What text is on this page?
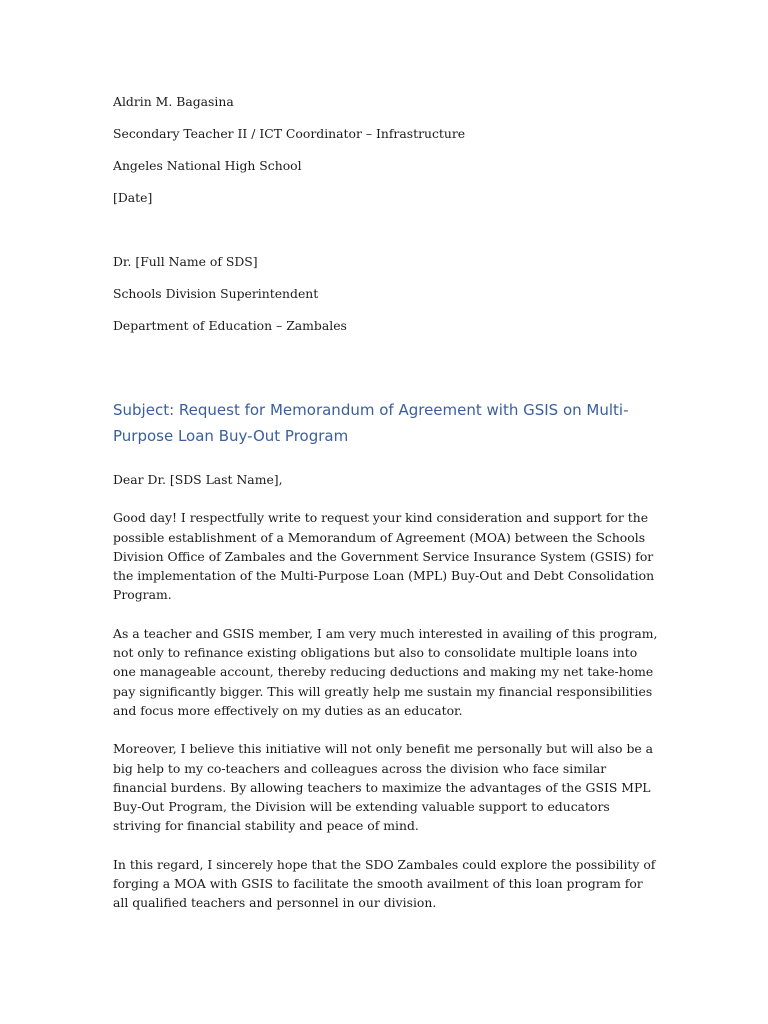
Aldrin M. Bagasina

Secondary Teacher II / ICT Coordinator – Infrastructure

Angeles National High School

[Date]

Dr. [Full Name of SDS]

Schools Division Superintendent

Department of Education – Zambales

Subject: Request for Memorandum of Agreement with GSIS on Multi-Purpose Loan Buy-Out Program

Dear Dr. [SDS Last Name],

Good day! I respectfully write to request your kind consideration and support for the possible establishment of a Memorandum of Agreement (MOA) between the Schools Division Office of Zambales and the Government Service Insurance System (GSIS) for the implementation of the Multi-Purpose Loan (MPL) Buy-Out and Debt Consolidation Program.

As a teacher and GSIS member, I am very much interested in availing of this program, not only to refinance existing obligations but also to consolidate multiple loans into one manageable account, thereby reducing deductions and making my net take-home pay significantly bigger. This will greatly help me sustain my financial responsibilities and focus more effectively on my duties as an educator.

Moreover, I believe this initiative will not only benefit me personally but will also be a big help to my co-teachers and colleagues across the division who face similar financial burdens. By allowing teachers to maximize the advantages of the GSIS MPL Buy-Out Program, the Division will be extending valuable support to educators striving for financial stability and peace of mind.

In this regard, I sincerely hope that the SDO Zambales could explore the possibility of forging a MOA with GSIS to facilitate the smooth availment of this loan program for all qualified teachers and personnel in our division.
